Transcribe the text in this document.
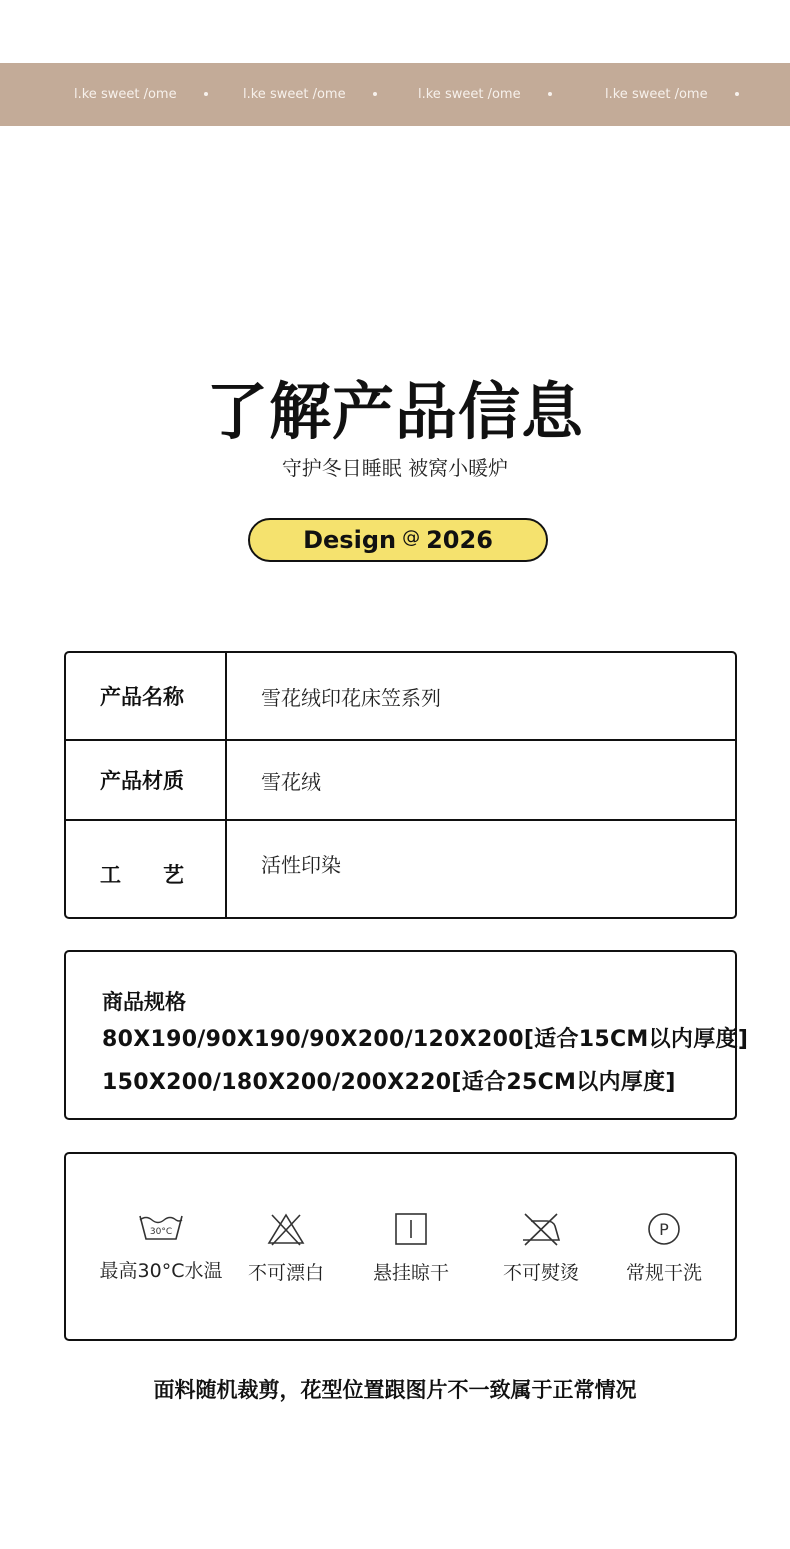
l.ke sweet /ome	l.ke sweet /ome	l.ke sweet /ome	l.ke sweet /ome
了解产品信息
守护冬日睡眠 被窝小暖炉
Design @ 2026
产品名称	雪花绒印花床笠系列
产品材质	雪花绒
工　　艺	活性印染
商品规格
80X190/90X190/90X200/120X200[适合15CM以内厚度]
150X200/180X200/200X220[适合25CM以内厚度]
30°C
最高30°C水温	不可漂白	悬挂晾干	不可熨烫
P
常规干洗
面料随机裁剪，花型位置跟图片不一致属于正常情况
